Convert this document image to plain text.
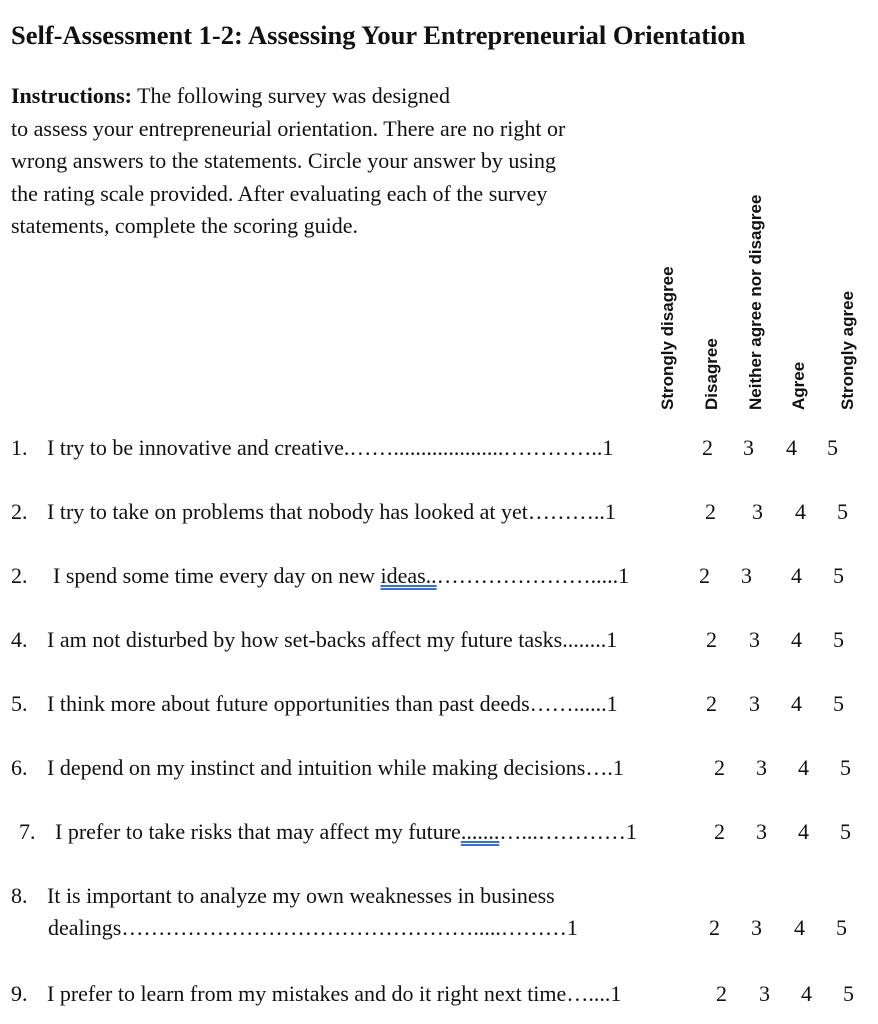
Self-Assessment 1-2: Assessing Your Entrepreneurial Orientation

Instructions: The following survey was designed
to assess your entrepreneurial orientation. There are no right or
wrong answers to the statements. Circle your answer by using
the rating scale provided. After evaluating each of the survey
statements, complete the scoring guide.

Strongly disagree Disagree Neither agree nor disagree Agree Strongly agree
1. I try to be innovative and creative.……....................…………..1	2 3 4 5
2. I try to take on problems that nobody has looked at yet………..1	2 3 4 5
2. I spend some time every day on new ideas..………………….....1	2 3 4 5
4. I am not disturbed by how set-backs affect my future tasks........1	2 3 4 5
5. I think more about future opportunities than past deeds……......1	2 3 4 5
6. I depend on my instinct and intuition while making decisions….1	2 3 4 5
7. I prefer to take risks that may affect my future.......…...…………1	2 3 4 5
8. It is important to analyze my own weaknesses in business
dealings………………………………………….....………1	2 3 4 5
9. I prefer to learn from my mistakes and do it right next time…....1	2 3 4 5
